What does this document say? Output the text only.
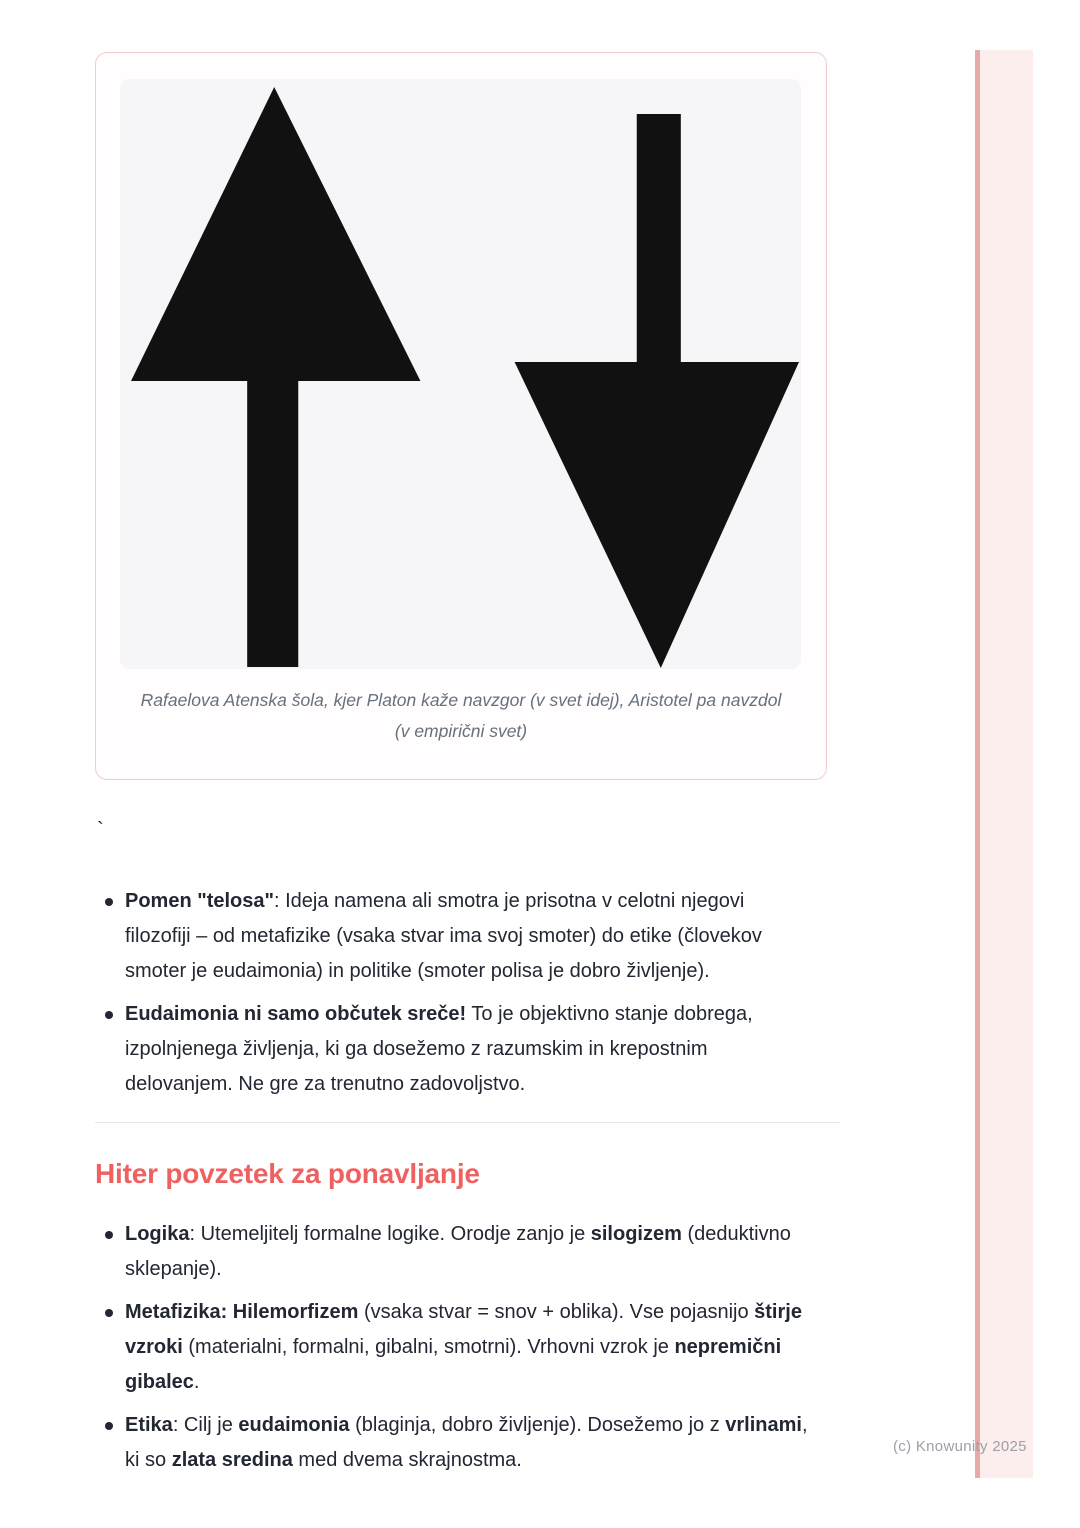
(c) Knowunity 2025

Rafaelova Atenska šola, kjer Platon kaže navzgor (v svet idej), Aristotel pa navzdol (v empirični svet)

`

Pomen "telosa": Ideja namena ali smotra je prisotna v celotni njegovi filozofiji – od metafizike (vsaka stvar ima svoj smoter) do etike (človekov smoter je eudaimonia) in politike (smoter polisa je dobro življenje).
Eudaimonia ni samo občutek sreče! To je objektivno stanje dobrega, izpolnjenega življenja, ki ga dosežemo z razumskim in krepostnim delovanjem. Ne gre za trenutno zadovoljstvo.
Hiter povzetek za ponavljanje
Logika: Utemeljitelj formalne logike. Orodje zanjo je silogizem (deduktivno sklepanje).
Metafizika: Hilemorfizem (vsaka stvar = snov + oblika). Vse pojasnijo štirje vzroki (materialni, formalni, gibalni, smotrni). Vrhovni vzrok je nepremični gibalec.
Etika: Cilj je eudaimonia (blaginja, dobro življenje). Dosežemo jo z vrlinami, ki so zlata sredina med dvema skrajnostma.
